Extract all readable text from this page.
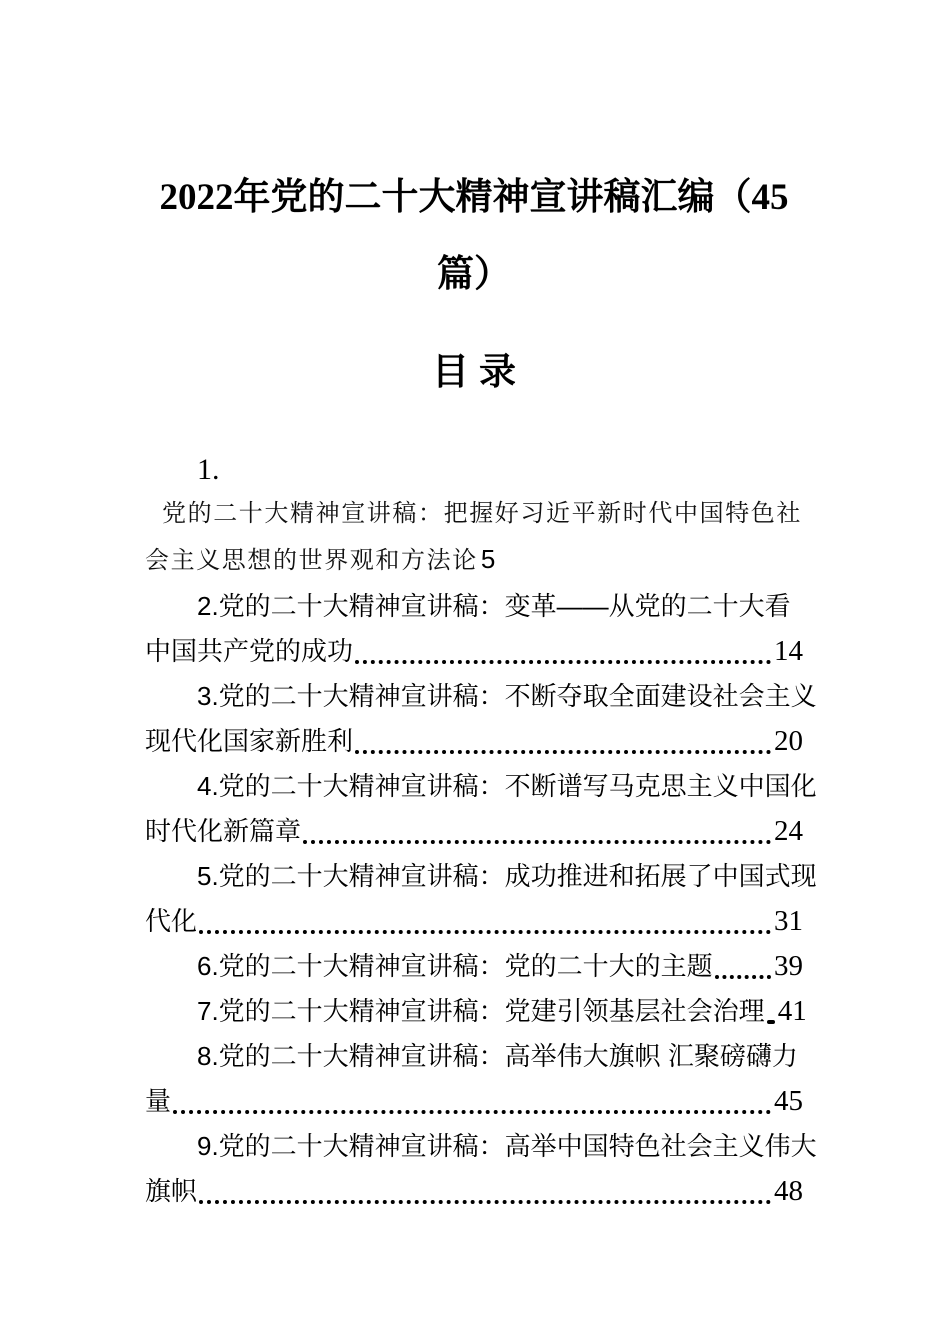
2022年党的二十大精神宣讲稿汇编（45
篇）
目录
1.
党的二十大精神宣讲稿：把握好习近平新时代中国特色社
会主义思想的世界观和方法论 5
2.党的二十大精神宣讲稿：变革——从党的二十大看
中国共产党的成功	14
3.党的二十大精神宣讲稿：不断夺取全面建设社会主义
现代化国家新胜利	20
4.党的二十大精神宣讲稿：不断谱写马克思主义中国化
时代化新篇章	24
5.党的二十大精神宣讲稿：成功推进和拓展了中国式现
代化	31
6.党的二十大精神宣讲稿：党的二十大的主题 39
7.党的二十大精神宣讲稿：党建引领基层社会治理 41
8.党的二十大精神宣讲稿：高举伟大旗帜 汇聚磅礴力
量	45
9.党的二十大精神宣讲稿：高举中国特色社会主义伟大
旗帜	48
